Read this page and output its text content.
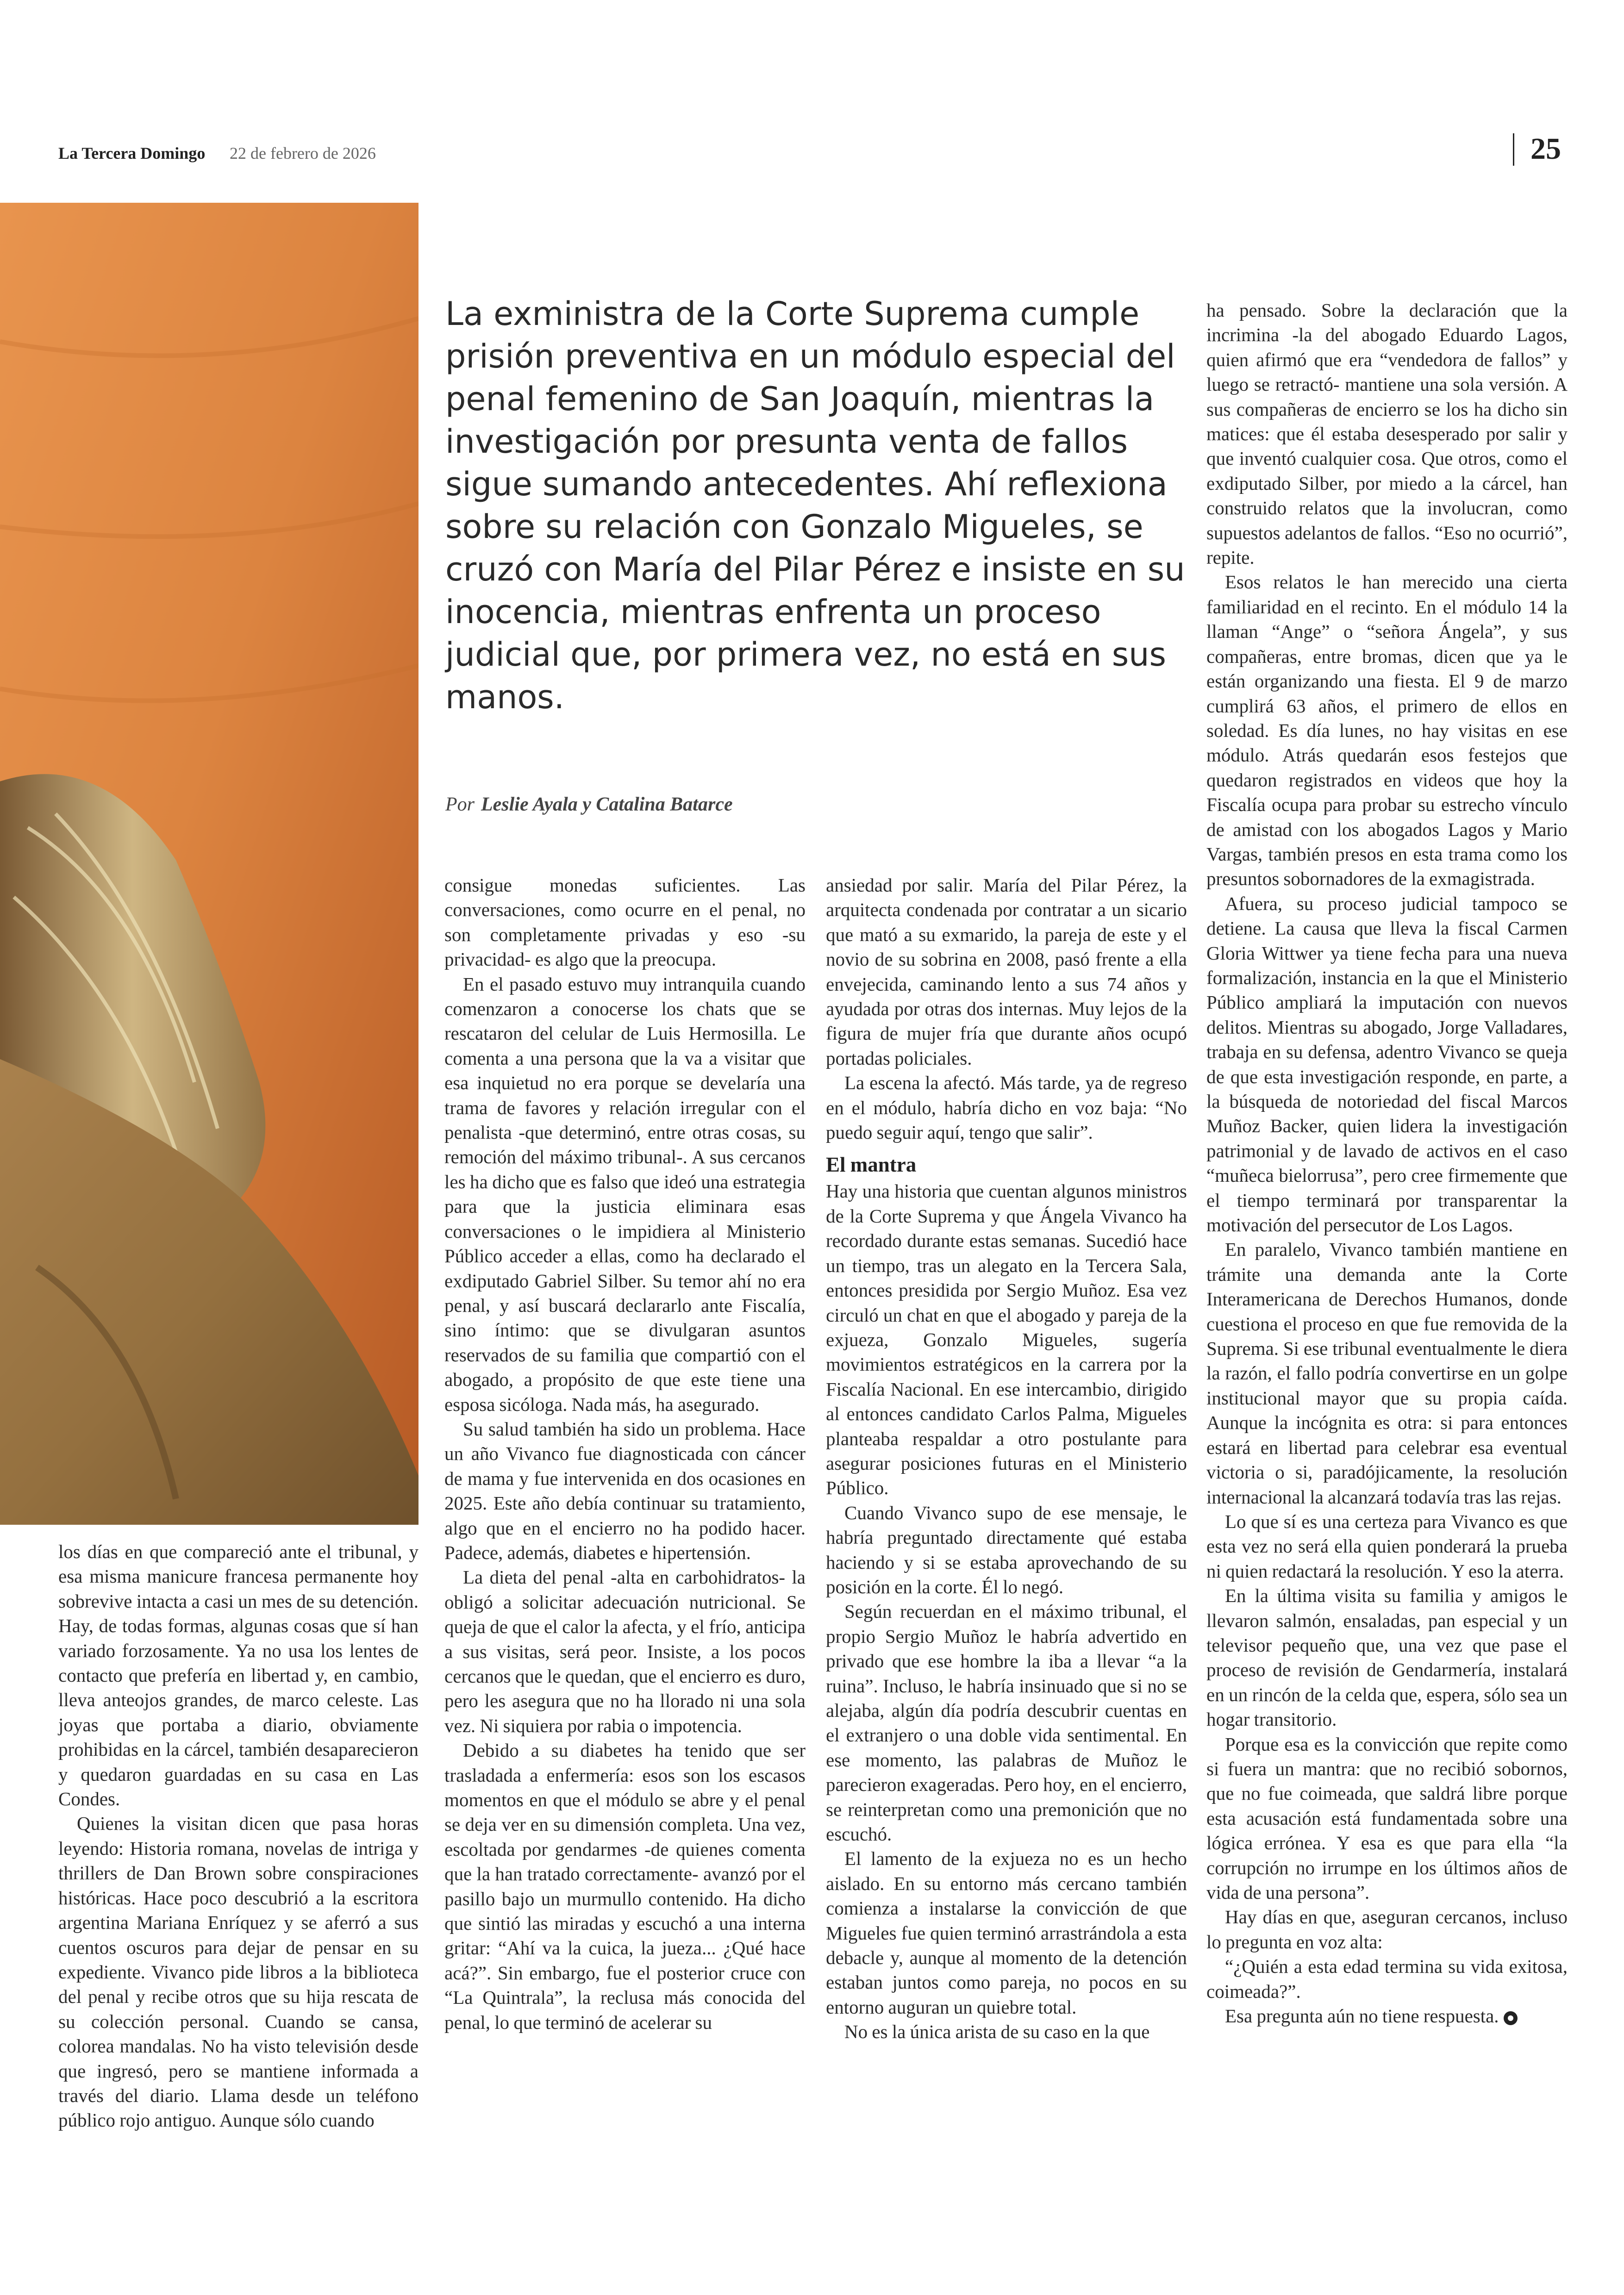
La Tercera Domingo 22 de febrero de 2026	25

La exministra de la Corte Suprema cumple prisión preventiva en un módulo especial del penal femenino de San Joaquín, mientras la investigación por presunta venta de fallos sigue sumando antecedentes. Ahí reflexiona sobre su relación con Gonzalo Migueles, se cruzó con María del Pilar Pérez e insiste en su inocencia, mientras enfrenta un proceso judicial que, por primera vez, no está en sus manos.

Por Leslie Ayala y Catalina Batarce

los días en que compareció ante el tribunal, y esa misma manicure francesa permanente hoy sobrevive intacta a casi un mes de su detención. Hay, de todas formas, algunas cosas que sí han variado forzosamente. Ya no usa los lentes de contacto que prefería en libertad y, en cambio, lleva anteojos grandes, de marco celeste. Las joyas que portaba a diario, obviamente prohibidas en la cárcel, también desaparecieron y quedaron guardadas en su casa en Las Condes.

Quienes la visitan dicen que pasa horas leyendo: Historia romana, novelas de intriga y thrillers de Dan Brown sobre conspiraciones históricas. Hace poco descubrió a la escritora argentina Mariana Enríquez y se aferró a sus cuentos oscuros para dejar de pensar en su expediente. Vivanco pide libros a la biblioteca del penal y recibe otros que su hija rescata de su colección personal. Cuando se cansa, colorea mandalas. No ha visto televisión desde que ingresó, pero se mantiene informada a través del diario. Llama desde un teléfono público rojo antiguo. Aunque sólo cuando

consigue monedas suficientes. Las conversaciones, como ocurre en el penal, no son completamente privadas y eso -su privacidad- es algo que la preocupa.

En el pasado estuvo muy intranquila cuando comenzaron a conocerse los chats que se rescataron del celular de Luis Hermosilla. Le comenta a una persona que la va a visitar que esa inquietud no era porque se develaría una trama de favores y relación irregular con el penalista -que determinó, entre otras cosas, su remoción del máximo tribunal-. A sus cercanos les ha dicho que es falso que ideó una estrategia para que la justicia eliminara esas conversaciones o le impidiera al Ministerio Público acceder a ellas, como ha declarado el exdiputado Gabriel Silber. Su temor ahí no era penal, y así buscará declararlo ante Fiscalía, sino íntimo: que se divulgaran asuntos reservados de su familia que compartió con el abogado, a propósito de que este tiene una esposa sicóloga. Nada más, ha asegurado.

Su salud también ha sido un problema. Hace un año Vivanco fue diagnosticada con cáncer de mama y fue intervenida en dos ocasiones en 2025. Este año debía continuar su tratamiento, algo que en el encierro no ha podido hacer. Padece, además, diabetes e hipertensión.

La dieta del penal -alta en carbohidratos- la obligó a solicitar adecuación nutricional. Se queja de que el calor la afecta, y el frío, anticipa a sus visitas, será peor. Insiste, a los pocos cercanos que le quedan, que el encierro es duro, pero les asegura que no ha llorado ni una sola vez. Ni siquiera por rabia o impotencia.

Debido a su diabetes ha tenido que ser trasladada a enfermería: esos son los escasos momentos en que el módulo se abre y el penal se deja ver en su dimensión completa. Una vez, escoltada por gendarmes -de quienes comenta que la han tratado correctamente- avanzó por el pasillo bajo un murmullo contenido. Ha dicho que sintió las miradas y escuchó a una interna gritar: “Ahí va la cuica, la jueza... ¿Qué hace acá?”. Sin embargo, fue el posterior cruce con “La Quintrala”, la reclusa más conocida del penal, lo que terminó de acelerar su

ansiedad por salir. María del Pilar Pérez, la arquitecta condenada por contratar a un sicario que mató a su exmarido, la pareja de este y el novio de su sobrina en 2008, pasó frente a ella envejecida, caminando lento a sus 74 años y ayudada por otras dos internas. Muy lejos de la figura de mujer fría que durante años ocupó portadas policiales.

La escena la afectó. Más tarde, ya de regreso en el módulo, habría dicho en voz baja: “No puedo seguir aquí, tengo que salir”.

El mantra

Hay una historia que cuentan algunos ministros de la Corte Suprema y que Ángela Vivanco ha recordado durante estas semanas. Sucedió hace un tiempo, tras un alegato en la Tercera Sala, entonces presidida por Sergio Muñoz. Esa vez circuló un chat en que el abogado y pareja de la exjueza, Gonzalo Migueles, sugería movimientos estratégicos en la carrera por la Fiscalía Nacional. En ese intercambio, dirigido al entonces candidato Carlos Palma, Migueles planteaba respaldar a otro postulante para asegurar posiciones futuras en el Ministerio Público.

Cuando Vivanco supo de ese mensaje, le habría preguntado directamente qué estaba haciendo y si se estaba aprovechando de su posición en la corte. Él lo negó.

Según recuerdan en el máximo tribunal, el propio Sergio Muñoz le habría advertido en privado que ese hombre la iba a llevar “a la ruina”. Incluso, le habría insinuado que si no se alejaba, algún día podría descubrir cuentas en el extranjero o una doble vida sentimental. En ese momento, las palabras de Muñoz le parecieron exageradas. Pero hoy, en el encierro, se reinterpretan como una premonición que no escuchó.

El lamento de la exjueza no es un hecho aislado. En su entorno más cercano también comienza a instalarse la convicción de que Migueles fue quien terminó arrastrándola a esta debacle y, aunque al momento de la detención estaban juntos como pareja, no pocos en su entorno auguran un quiebre total.

No es la única arista de su caso en la que

ha pensado. Sobre la declaración que la incrimina -la del abogado Eduardo Lagos, quien afirmó que era “vendedora de fallos” y luego se retractó- mantiene una sola versión. A sus compañeras de encierro se los ha dicho sin matices: que él estaba desesperado por salir y que inventó cualquier cosa. Que otros, como el exdiputado Silber, por miedo a la cárcel, han construido relatos que la involucran, como supuestos adelantos de fallos. “Eso no ocurrió”, repite.

Esos relatos le han merecido una cierta familiaridad en el recinto. En el módulo 14 la llaman “Ange” o “señora Ángela”, y sus compañeras, entre bromas, dicen que ya le están organizando una fiesta. El 9 de marzo cumplirá 63 años, el primero de ellos en soledad. Es día lunes, no hay visitas en ese módulo. Atrás quedarán esos festejos que quedaron registrados en videos que hoy la Fiscalía ocupa para probar su estrecho vínculo de amistad con los abogados Lagos y Mario Vargas, también presos en esta trama como los presuntos sobornadores de la exmagistrada.

Afuera, su proceso judicial tampoco se detiene. La causa que lleva la fiscal Carmen Gloria Wittwer ya tiene fecha para una nueva formalización, instancia en la que el Ministerio Público ampliará la imputación con nuevos delitos. Mientras su abogado, Jorge Valladares, trabaja en su defensa, adentro Vivanco se queja de que esta investigación responde, en parte, a la búsqueda de notoriedad del fiscal Marcos Muñoz Backer, quien lidera la investigación patrimonial y de lavado de activos en el caso “muñeca bielorrusa”, pero cree firmemente que el tiempo terminará por transparentar la motivación del persecutor de Los Lagos.

En paralelo, Vivanco también mantiene en trámite una demanda ante la Corte Interamericana de Derechos Humanos, donde cuestiona el proceso en que fue removida de la Suprema. Si ese tribunal eventualmente le diera la razón, el fallo podría convertirse en un golpe institucional mayor que su propia caída. Aunque la incógnita es otra: si para entonces estará en libertad para celebrar esa eventual victoria o si, paradójicamente, la resolución internacional la alcanzará todavía tras las rejas.

Lo que sí es una certeza para Vivanco es que esta vez no será ella quien ponderará la prueba ni quien redactará la resolución. Y eso la aterra.

En la última visita su familia y amigos le llevaron salmón, ensaladas, pan especial y un televisor pequeño que, una vez que pase el proceso de revisión de Gendarmería, instalará en un rincón de la celda que, espera, sólo sea un hogar transitorio.

Porque esa es la convicción que repite como si fuera un mantra: que no recibió sobornos, que no fue coimeada, que saldrá libre porque esta acusación está fundamentada sobre una lógica errónea. Y esa es que para ella “la corrupción no irrumpe en los últimos años de vida de una persona”.

Hay días en que, aseguran cercanos, incluso lo pregunta en voz alta:

“¿Quién a esta edad termina su vida exitosa, coimeada?”.

Esa pregunta aún no tiene respuesta.
